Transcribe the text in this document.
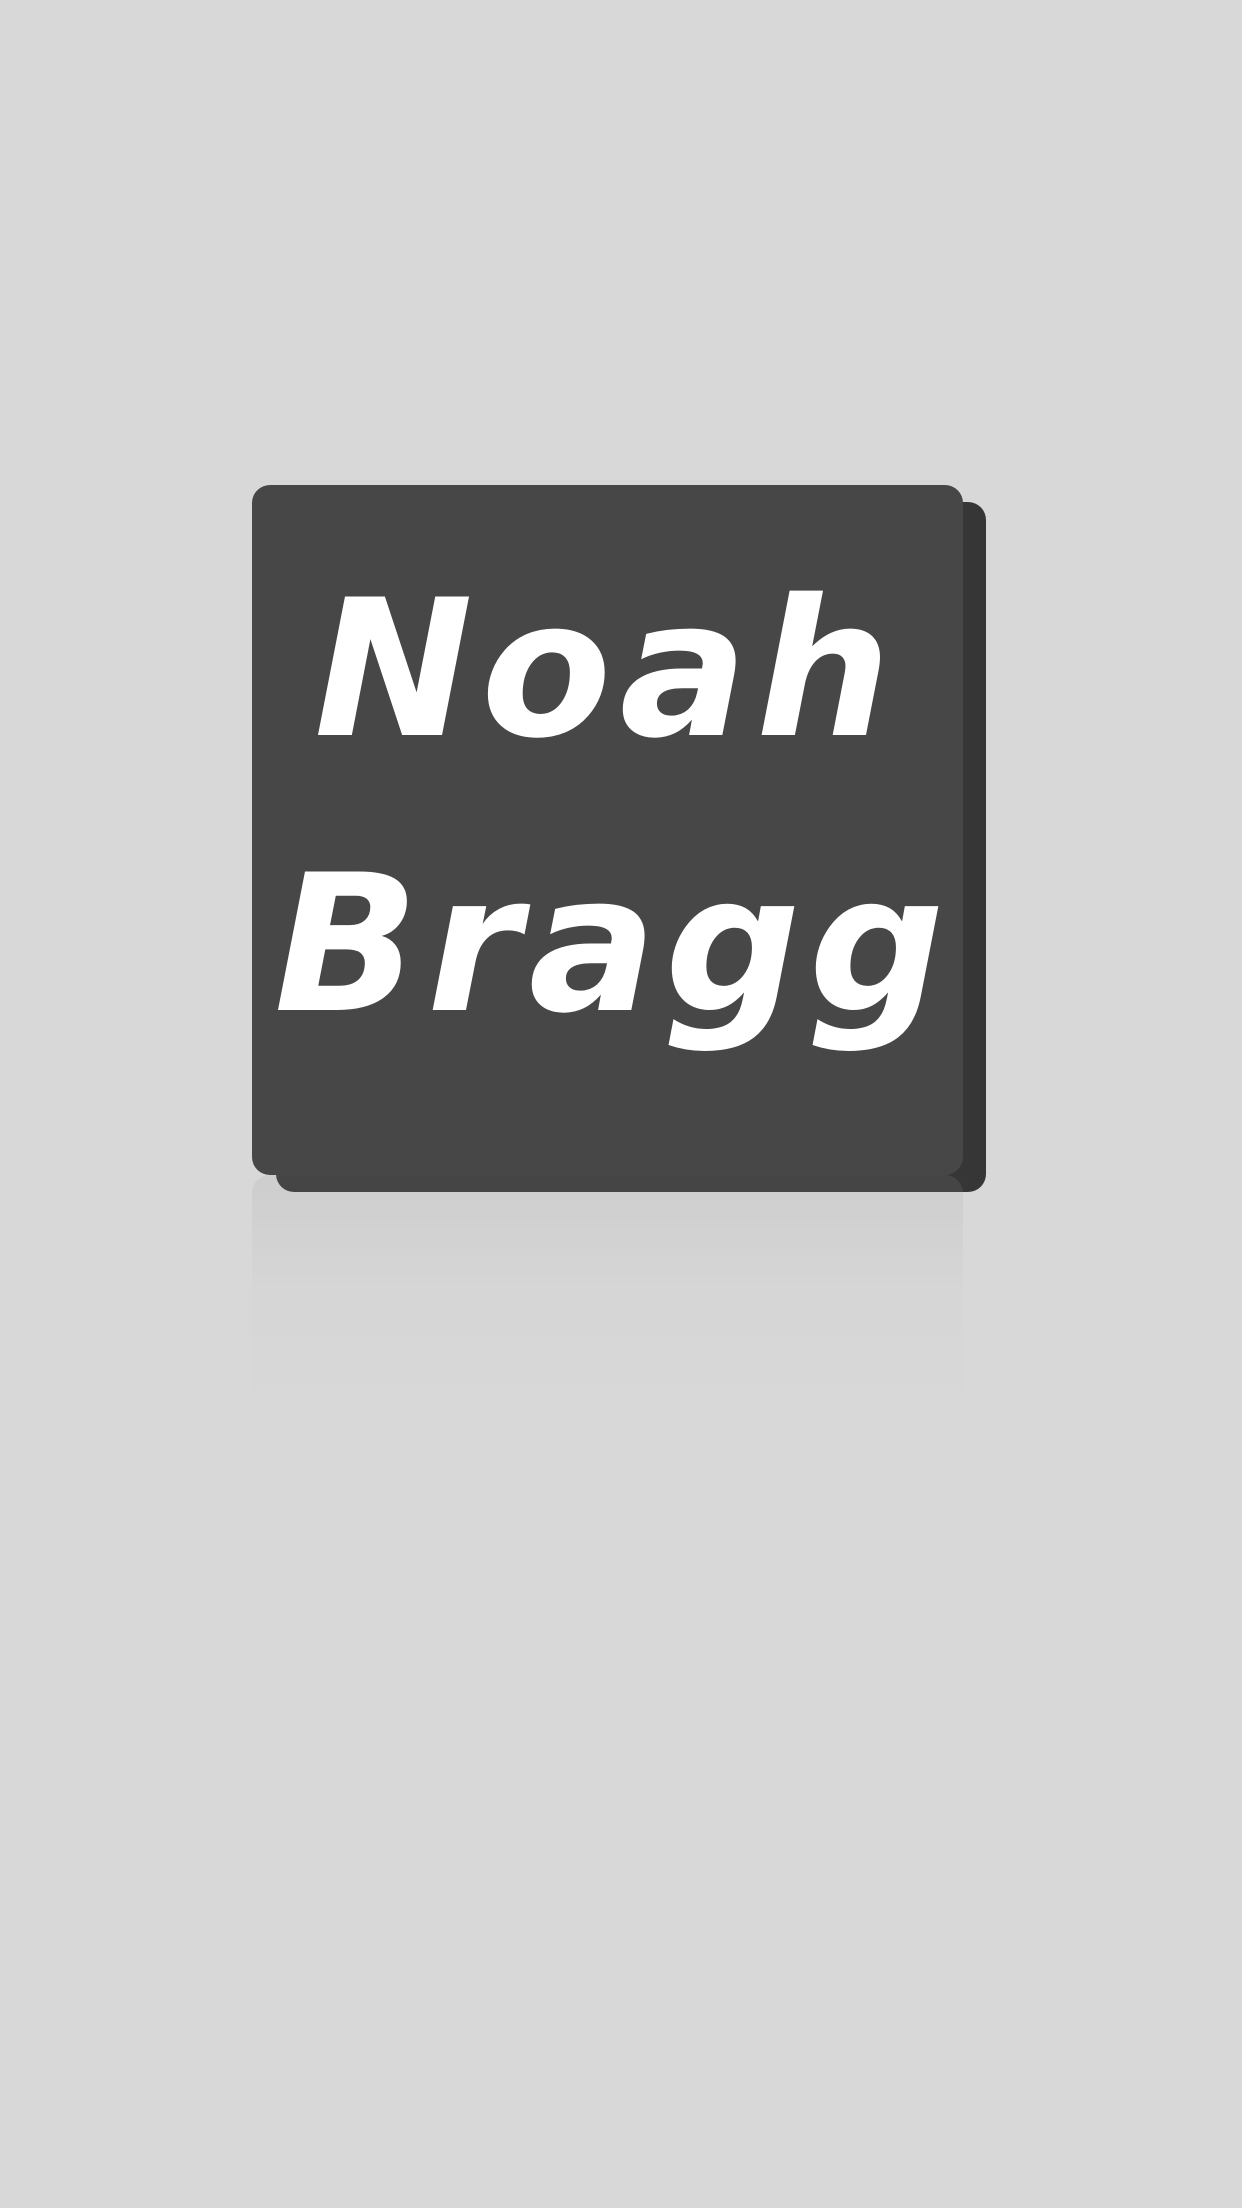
Noah

Bragg
